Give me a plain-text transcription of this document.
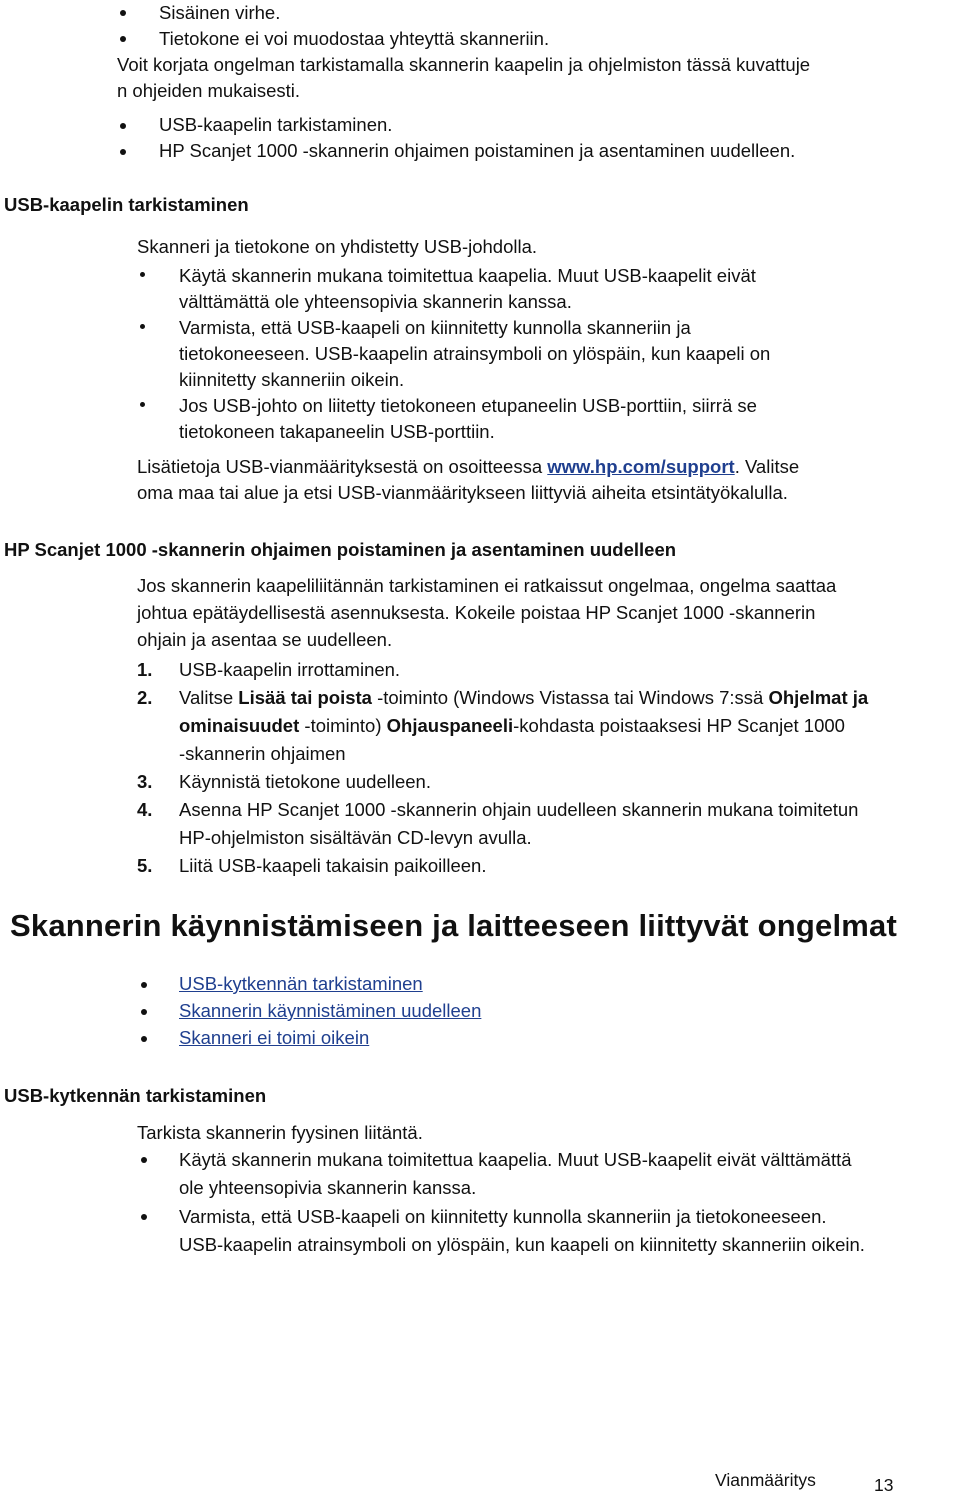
Sisäinen virhe.
Tietokone ei voi muodostaa yhteyttä skanneriin.
Voit korjata ongelman tarkistamalla skannerin kaapelin ja ohjelmiston tässä kuvattuje
n ohjeiden mukaisesti.
USB-kaapelin tarkistaminen.
HP Scanjet 1000 -skannerin ohjaimen poistaminen ja asentaminen uudelleen.
USB-kaapelin tarkistaminen
Skanneri ja tietokone on yhdistetty USB-johdolla.
Käytä skannerin mukana toimitettua kaapelia. Muut USB-kaapelit eivät
välttämättä ole yhteensopivia skannerin kanssa.
Varmista, että USB-kaapeli on kiinnitetty kunnolla skanneriin ja
tietokoneeseen. USB-kaapelin atrainsymboli on ylöspäin, kun kaapeli on
kiinnitetty skanneriin oikein.
Jos USB-johto on liitetty tietokoneen etupaneelin USB-porttiin, siirrä se
tietokoneen takapaneelin USB-porttiin.
Lisätietoja USB-vianmäärityksestä on osoitteessa www.hp.com/support. Valitse
oma maa tai alue ja etsi USB-vianmääritykseen liittyviä aiheita etsintätyökalulla.
HP Scanjet 1000 -skannerin ohjaimen poistaminen ja asentaminen uudelleen
Jos skannerin kaapeliliitännän tarkistaminen ei ratkaissut ongelmaa, ongelma saattaa
johtua epätäydellisestä asennuksesta. Kokeile poistaa HP Scanjet 1000 -skannerin
ohjain ja asentaa se uudelleen.
1. USB-kaapelin irrottaminen.
2. Valitse Lisää tai poista -toiminto (Windows Vistassa tai Windows 7:ssä Ohjelmat ja
ominaisuudet -toiminto) Ohjauspaneeli-kohdasta poistaaksesi HP Scanjet 1000
-skannerin ohjaimen
3. Käynnistä tietokone uudelleen.
4. Asenna HP Scanjet 1000 -skannerin ohjain uudelleen skannerin mukana toimitetun
HP-ohjelmiston sisältävän CD-levyn avulla.
5. Liitä USB-kaapeli takaisin paikoilleen.
Skannerin käynnistämiseen ja laitteeseen liittyvät ongelmat
USB-kytkennän tarkistaminen
Skannerin käynnistäminen uudelleen
Skanneri ei toimi oikein
USB-kytkennän tarkistaminen
Tarkista skannerin fyysinen liitäntä.
Käytä skannerin mukana toimitettua kaapelia. Muut USB-kaapelit eivät välttämättä
ole yhteensopivia skannerin kanssa.
Varmista, että USB-kaapeli on kiinnitetty kunnolla skanneriin ja tietokoneeseen.
USB-kaapelin atrainsymboli on ylöspäin, kun kaapeli on kiinnitetty skanneriin oikein.
Vianmääritys	13
